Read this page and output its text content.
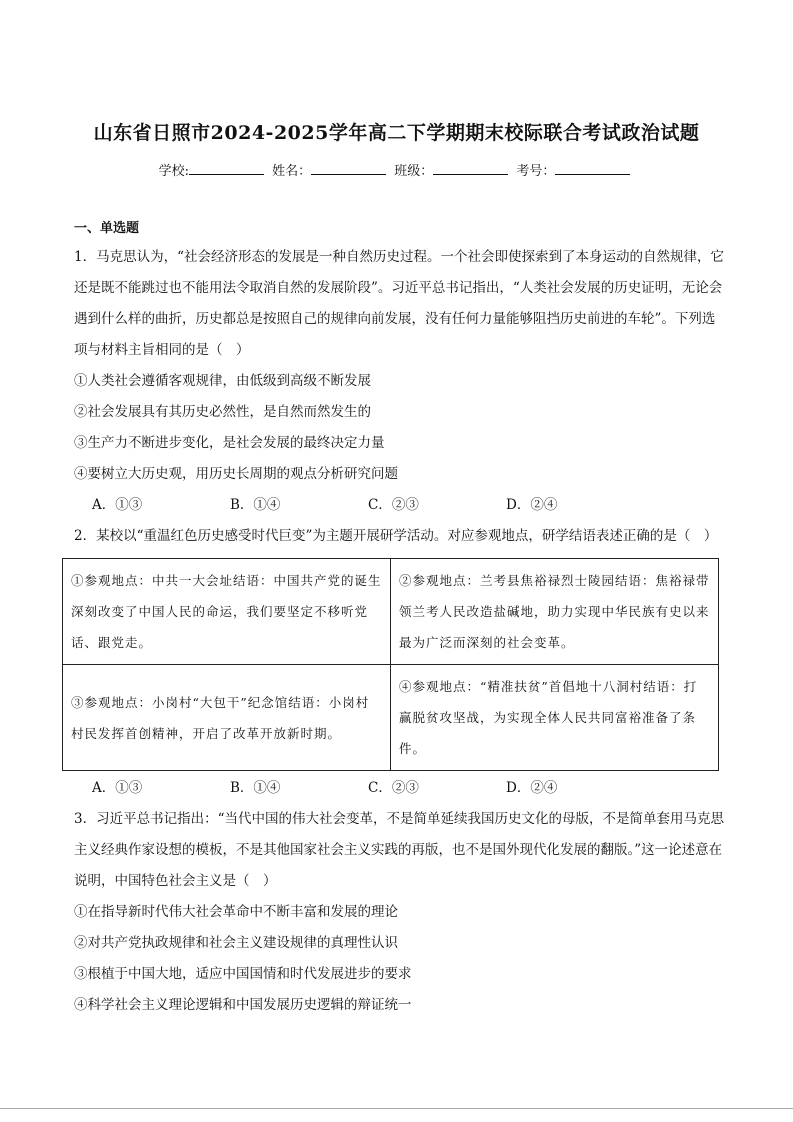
山东省日照市2024-2025学年高二下学期期末校际联合考试政治试题
学校:	姓名：	班级：	考号：
一、单选题
1．马克思认为，“社会经济形态的发展是一种自然历史过程。一个社会即使探索到了本身运动的自然规律，它还是既不能跳过也不能用法令取消自然的发展阶段”。习近平总书记指出，“人类社会发展的历史证明，无论会遇到什么样的曲折，历史都总是按照自己的规律向前发展，没有任何力量能够阻挡历史前进的车轮”。下列选项与材料主旨相同的是（　）
①人类社会遵循客观规律，由低级到高级不断发展
②社会发展具有其历史必然性，是自然而然发生的
③生产力不断进步变化，是社会发展的最终决定力量
④要树立大历史观，用历史长周期的观点分析研究问题
A．①③	B．①④	C．②③	D．②④
2．某校以“重温红色历史感受时代巨变”为主题开展研学活动。对应参观地点，研学结语表述正确的是（　）
①参观地点：中共一大会址结语：中国共产党的诞生深刻改变了中国人民的命运，我们要坚定不移听党话、跟党走。	②参观地点：兰考县焦裕禄烈士陵园结语：焦裕禄带领兰考人民改造盐碱地，助力实现中华民族有史以来最为广泛而深刻的社会变革。
③参观地点：小岗村“大包干”纪念馆结语：小岗村村民发挥首创精神，开启了改革开放新时期。	④参观地点：“精准扶贫”首倡地十八洞村结语：打赢脱贫攻坚战，为实现全体人民共同富裕准备了条件。
A．①③	B．①④	C．②③	D．②④
3．习近平总书记指出：“当代中国的伟大社会变革，不是简单延续我国历史文化的母版，不是简单套用马克思主义经典作家设想的模板，不是其他国家社会主义实践的再版，也不是国外现代化发展的翻版。”这一论述意在说明，中国特色社会主义是（　）
①在指导新时代伟大社会革命中不断丰富和发展的理论
②对共产党执政规律和社会主义建设规律的真理性认识
③根植于中国大地，适应中国国情和时代发展进步的要求
④科学社会主义理论逻辑和中国发展历史逻辑的辩证统一
